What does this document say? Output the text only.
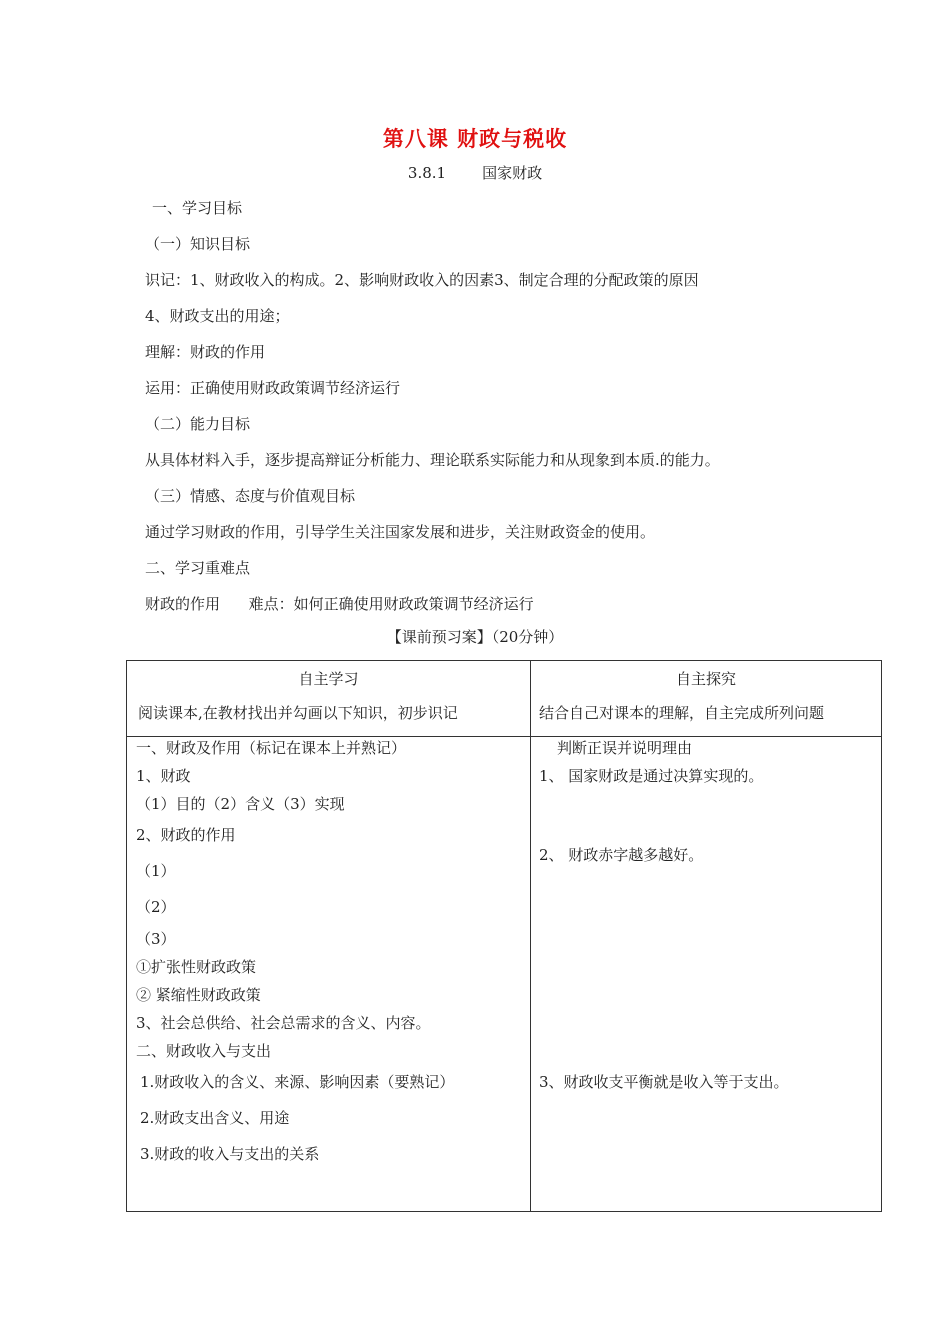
第八课 财政与税收
3.8.1 国家财政
一、学习目标
（一）知识目标
识记：1、财政收入的构成。2、影响财政收入的因素3、制定合理的分配政策的原因
4、财政支出的用途；
理解：财政的作用
运用：正确使用财政政策调节经济运行
（二）能力目标
从具体材料入手，逐步提高辩证分析能力、理论联系实际能力和从现象到本质.的能力。
（三）情感、态度与价值观目标
通过学习财政的作用，引导学生关注国家发展和进步，关注财政资金的使用。
二、学习重难点
财政的作用      难点：如何正确使用财政政策调节经济运行
【课前预习案】（20分钟）
自主学习
阅读课本,在教材找出并勾画以下知识，初步识记
自主探究
结合自己对课本的理解，自主完成所列问题
一、财政及作用（标记在课本上并熟记）
1、财政
（1）目的（2）含义（3）实现
2、财政的作用
（1）
（2）
（3）
①扩张性财政政策
② 紧缩性财政政策
3、社会总供给、社会总需求的含义、内容。
二、财政收入与支出
1.财政收入的含义、来源、影响因素（要熟记）
2.财政支出含义、用途
3.财政的收入与支出的关系
判断正误并说明理由
1、 国家财政是通过决算实现的。
2、 财政赤字越多越好。
3、财政收支平衡就是收入等于支出。
